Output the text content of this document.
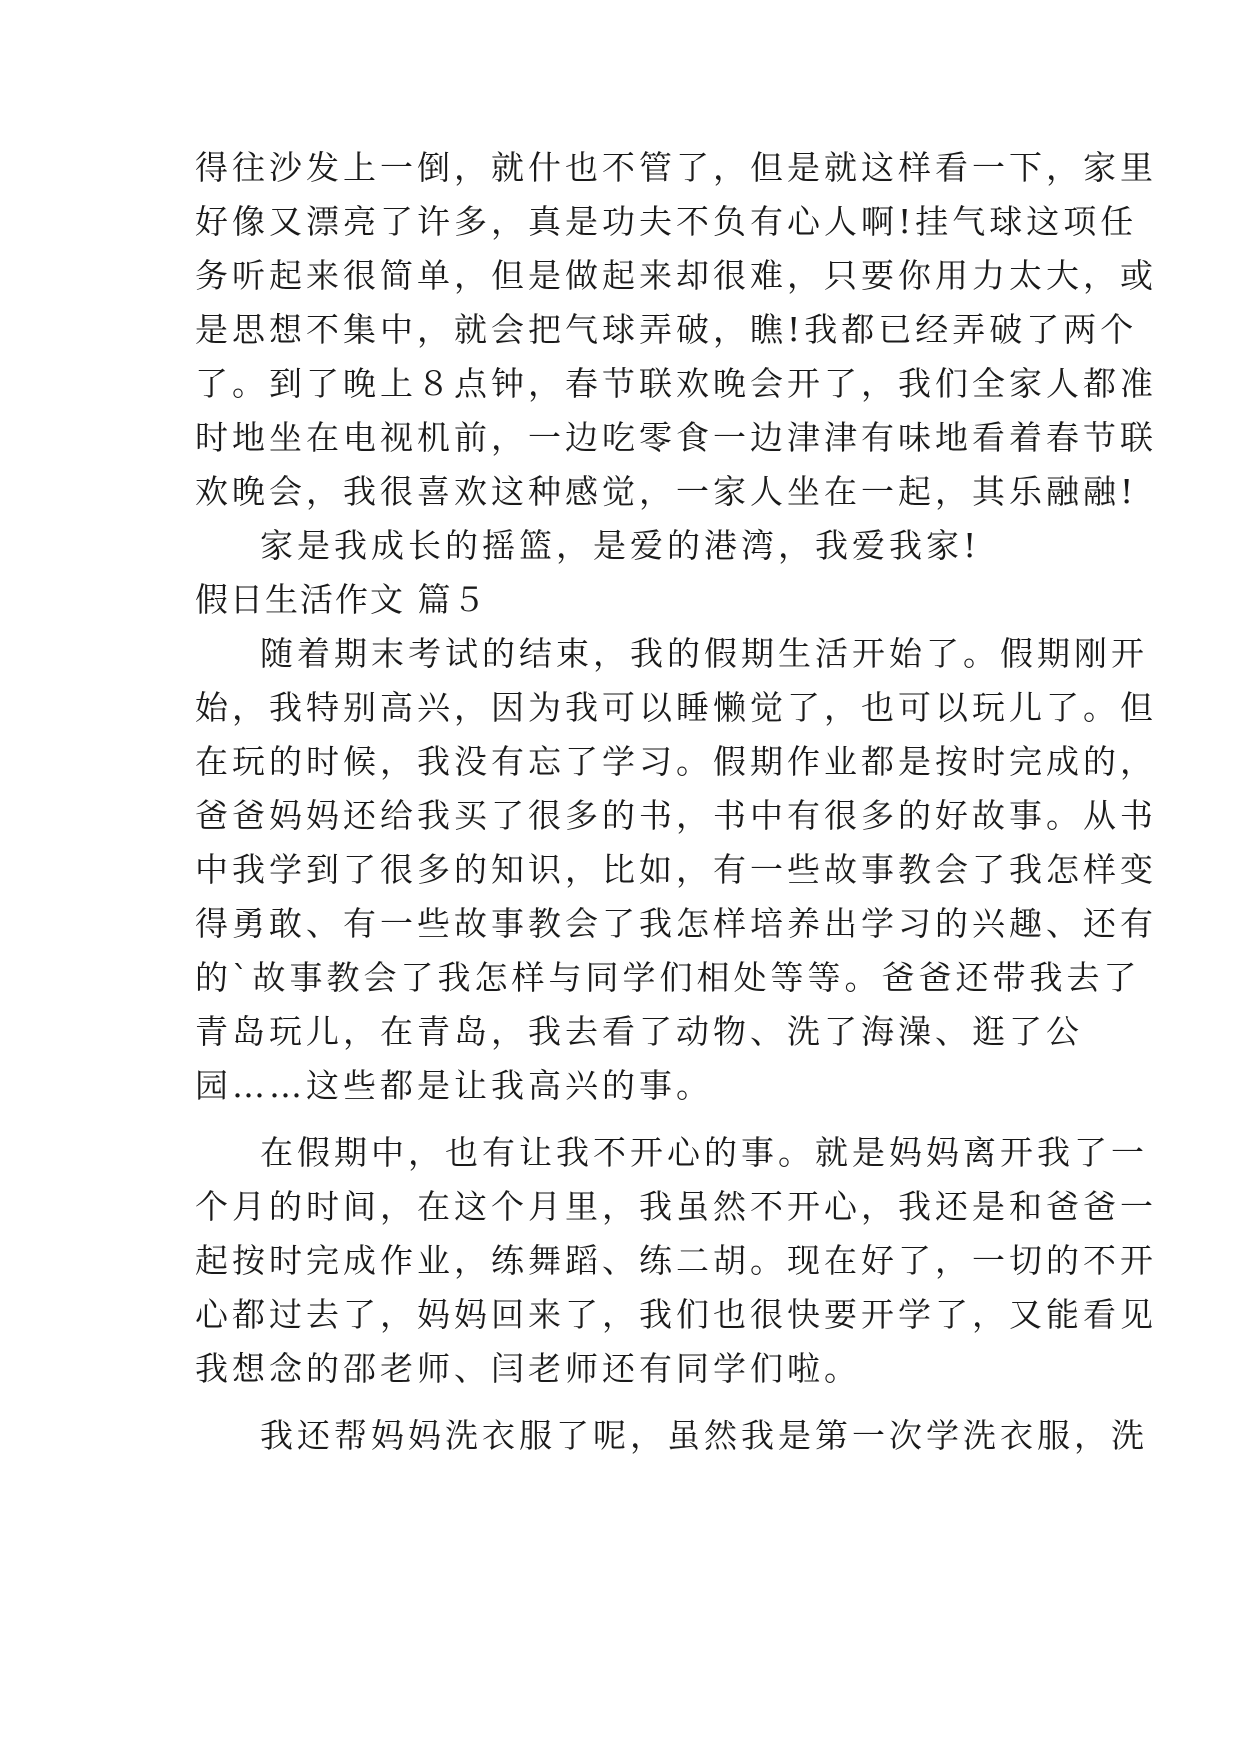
得往沙发上一倒，就什也不管了，但是就这样看一下，家里

好像又漂亮了许多，真是功夫不负有心人啊!挂气球这项任

务听起来很简单，但是做起来却很难，只要你用力太大，或

是思想不集中，就会把气球弄破，瞧!我都已经弄破了两个

了。到了晚上８点钟，春节联欢晚会开了，我们全家人都准

时地坐在电视机前，一边吃零食一边津津有味地看着春节联

欢晚会，我很喜欢这种感觉，一家人坐在一起，其乐融融!

家是我成长的摇篮，是爱的港湾，我爱我家!

假日生活作文 篇５

随着期末考试的结束，我的假期生活开始了。假期刚开

始，我特别高兴，因为我可以睡懒觉了，也可以玩儿了。但

在玩的时候，我没有忘了学习。假期作业都是按时完成的，

爸爸妈妈还给我买了很多的书，书中有很多的好故事。从书

中我学到了很多的知识，比如，有一些故事教会了我怎样变

得勇敢、有一些故事教会了我怎样培养出学习的兴趣、还有

的`故事教会了我怎样与同学们相处等等。爸爸还带我去了

青岛玩儿，在青岛，我去看了动物、洗了海澡、逛了公

园……这些都是让我高兴的事。

在假期中，也有让我不开心的事。就是妈妈离开我了一

个月的时间，在这个月里，我虽然不开心，我还是和爸爸一

起按时完成作业，练舞蹈、练二胡。现在好了，一切的不开

心都过去了，妈妈回来了，我们也很快要开学了，又能看见

我想念的邵老师、闫老师还有同学们啦。

我还帮妈妈洗衣服了呢，虽然我是第一次学洗衣服，洗
